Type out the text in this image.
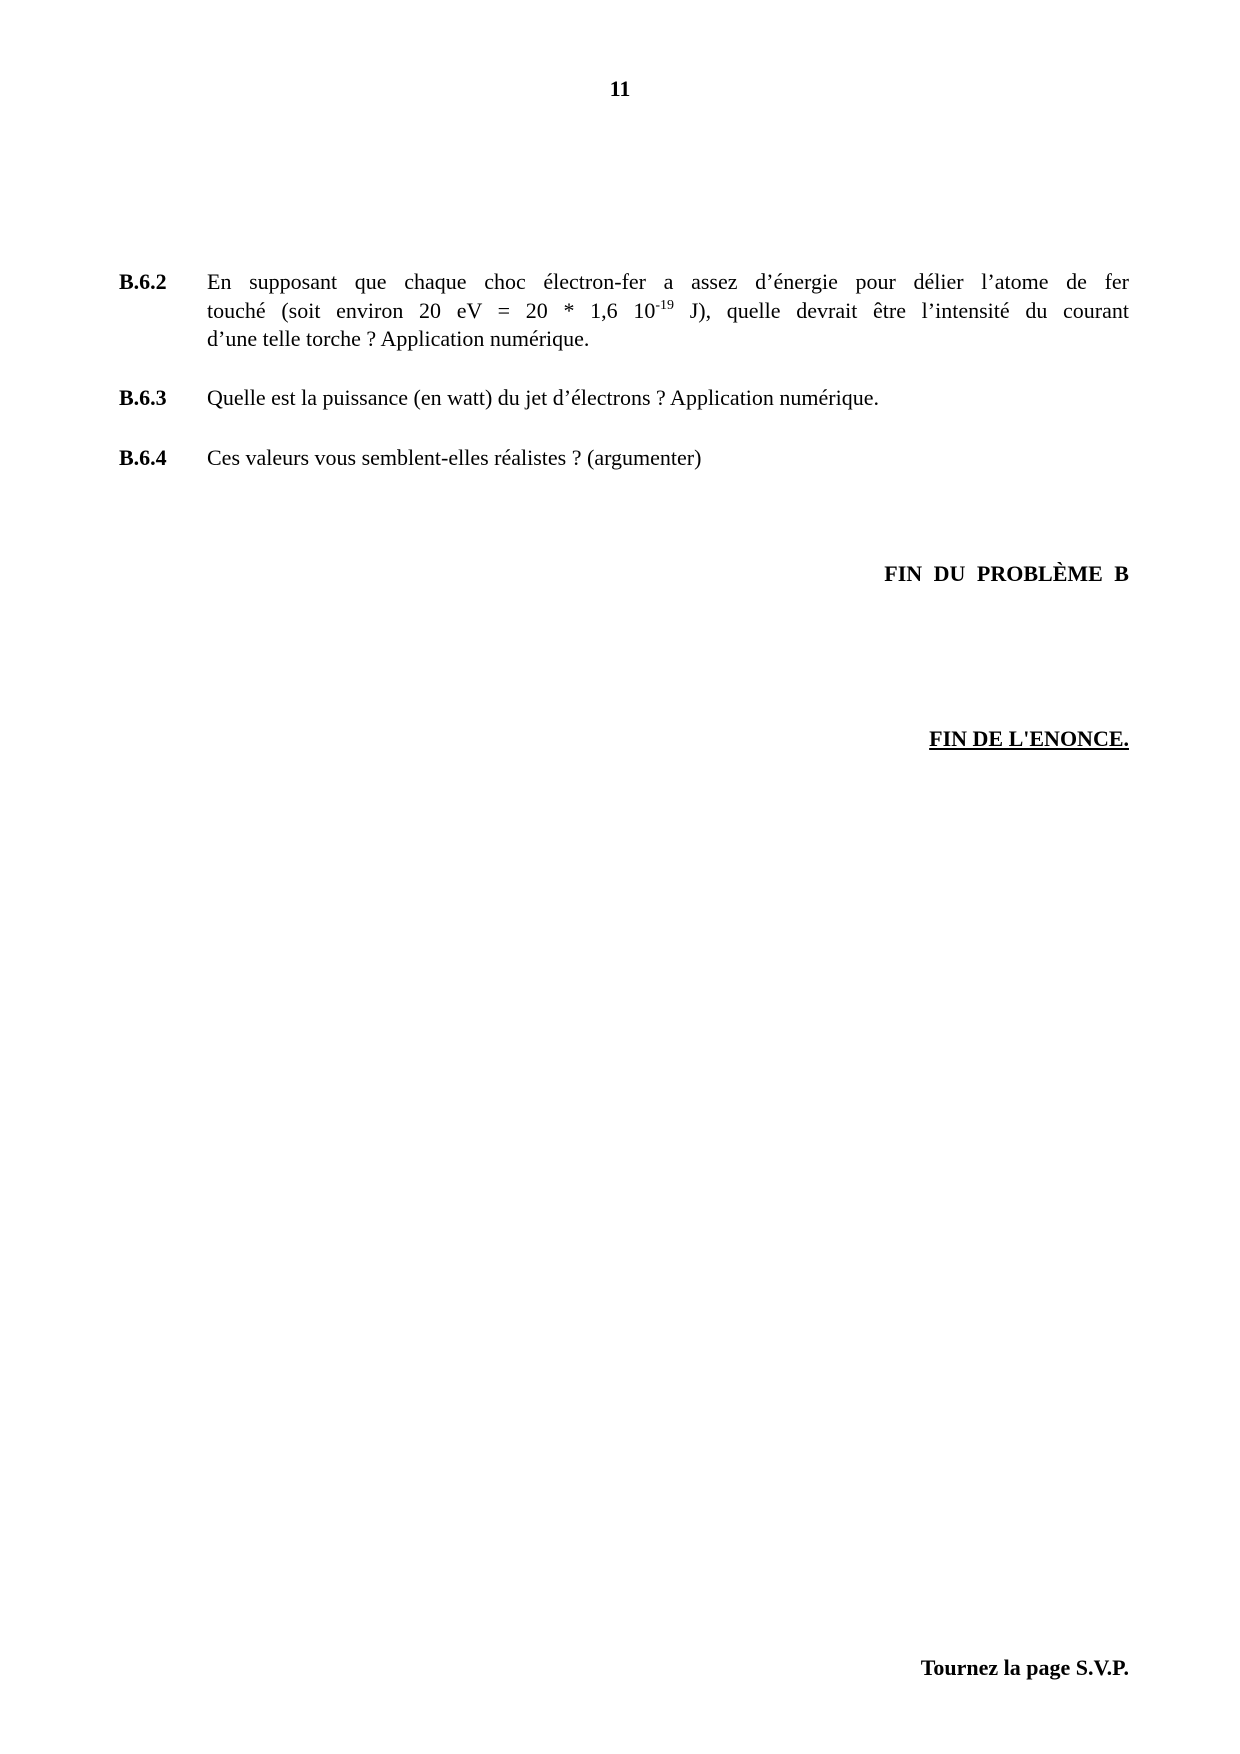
11
B.6.2 En supposant que chaque choc électron-fer a assez d’énergie pour délier l’atome de fer
touché (soit environ 20 eV = 20 * 1,6 $10^{-19}$ J), quelle devrait être l’intensité du courant
d’une telle torche ? Application numérique.
B.6.3 Quelle est la puissance (en watt) du jet d’électrons ? Application numérique.
B.6.4 Ces valeurs vous semblent-elles réalistes ? (argumenter)
FIN DU PROBLÈME B
FIN DE L'ENONCE.
Tournez la page S.V.P.
